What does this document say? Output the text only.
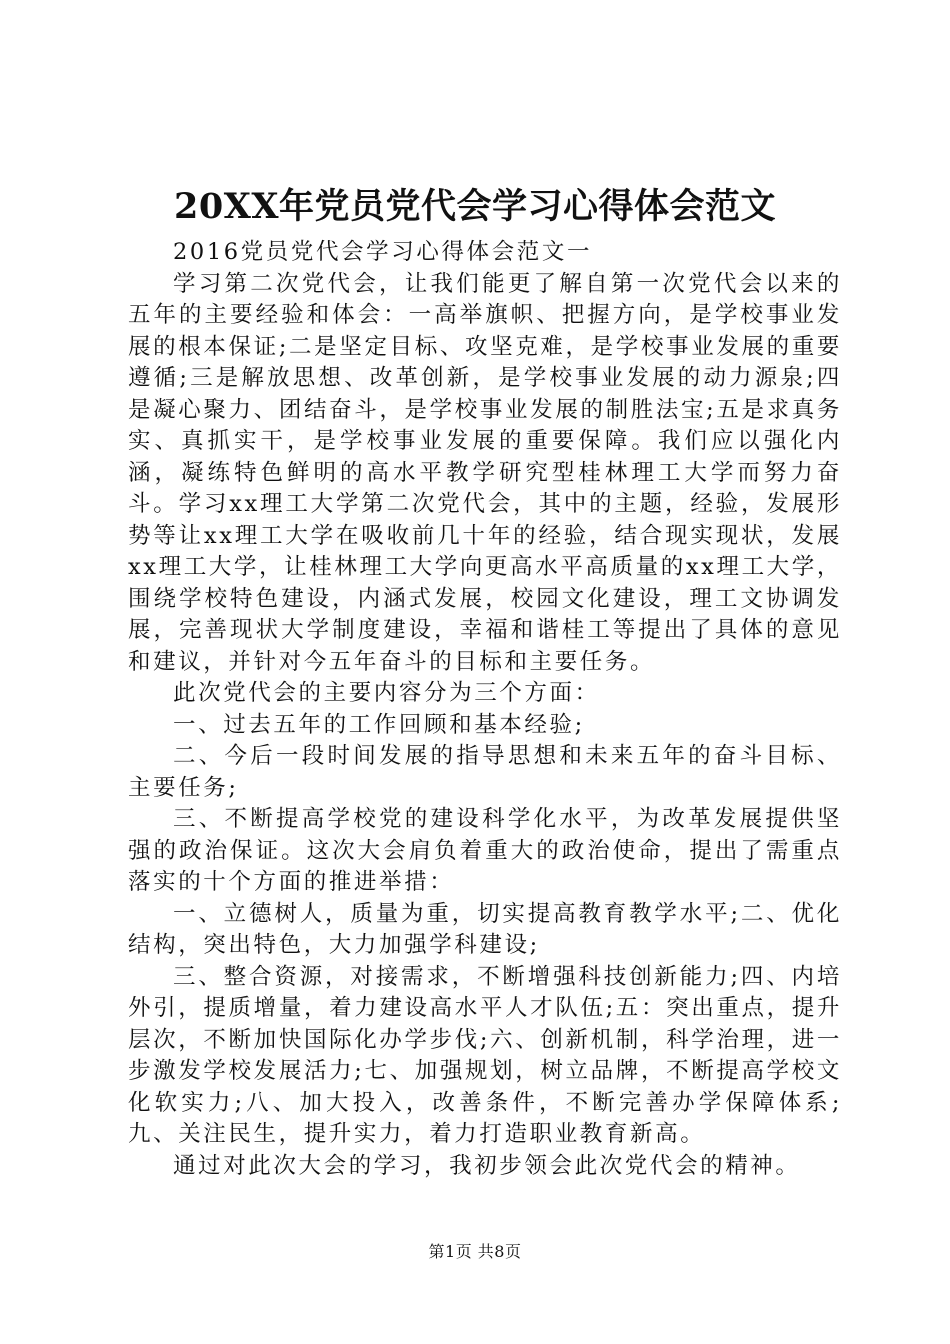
20XX年党员党代会学习心得体会范文

2016党员党代会学习心得体会范文一

学习第二次党代会，让我们能更了解自第一次党代会以来的五年的主要经验和体会：一高举旗帜、把握方向，是学校事业发展的根本保证;二是坚定目标、攻坚克难，是学校事业发展的重要遵循;三是解放思想、改革创新，是学校事业发展的动力源泉;四是凝心聚力、团结奋斗，是学校事业发展的制胜法宝;五是求真务实、真抓实干，是学校事业发展的重要保障。我们应以强化内涵，凝练特色鲜明的高水平教学研究型桂林理工大学而努力奋斗。学习xx理工大学第二次党代会，其中的主题，经验，发展形势等让xx理工大学在吸收前几十年的经验，结合现实现状，发展xx理工大学，让桂林理工大学向更高水平高质量的xx理工大学，围绕学校特色建设，内涵式发展，校园文化建设，理工文协调发展，完善现状大学制度建设，幸福和谐桂工等提出了具体的意见和建议，并针对今五年奋斗的目标和主要任务。

此次党代会的主要内容分为三个方面：

一、过去五年的工作回顾和基本经验;

二、今后一段时间发展的指导思想和未来五年的奋斗目标、主要任务;

三、不断提高学校党的建设科学化水平，为改革发展提供坚强的政治保证。这次大会肩负着重大的政治使命，提出了需重点落实的十个方面的推进举措：

一、立德树人，质量为重，切实提高教育教学水平;二、优化结构，突出特色，大力加强学科建设;

三、整合资源，对接需求，不断增强科技创新能力;四、内培外引，提质增量，着力建设高水平人才队伍;五：突出重点，提升层次，不断加快国际化办学步伐;六、创新机制，科学治理，进一步激发学校发展活力;七、加强规划，树立品牌，不断提高学校文化软实力;八、加大投入，改善条件，不断完善办学保障体系;九、关注民生，提升实力，着力打造职业教育新高。

通过对此次大会的学习，我初步领会此次党代会的精神。

第1页 共8页
